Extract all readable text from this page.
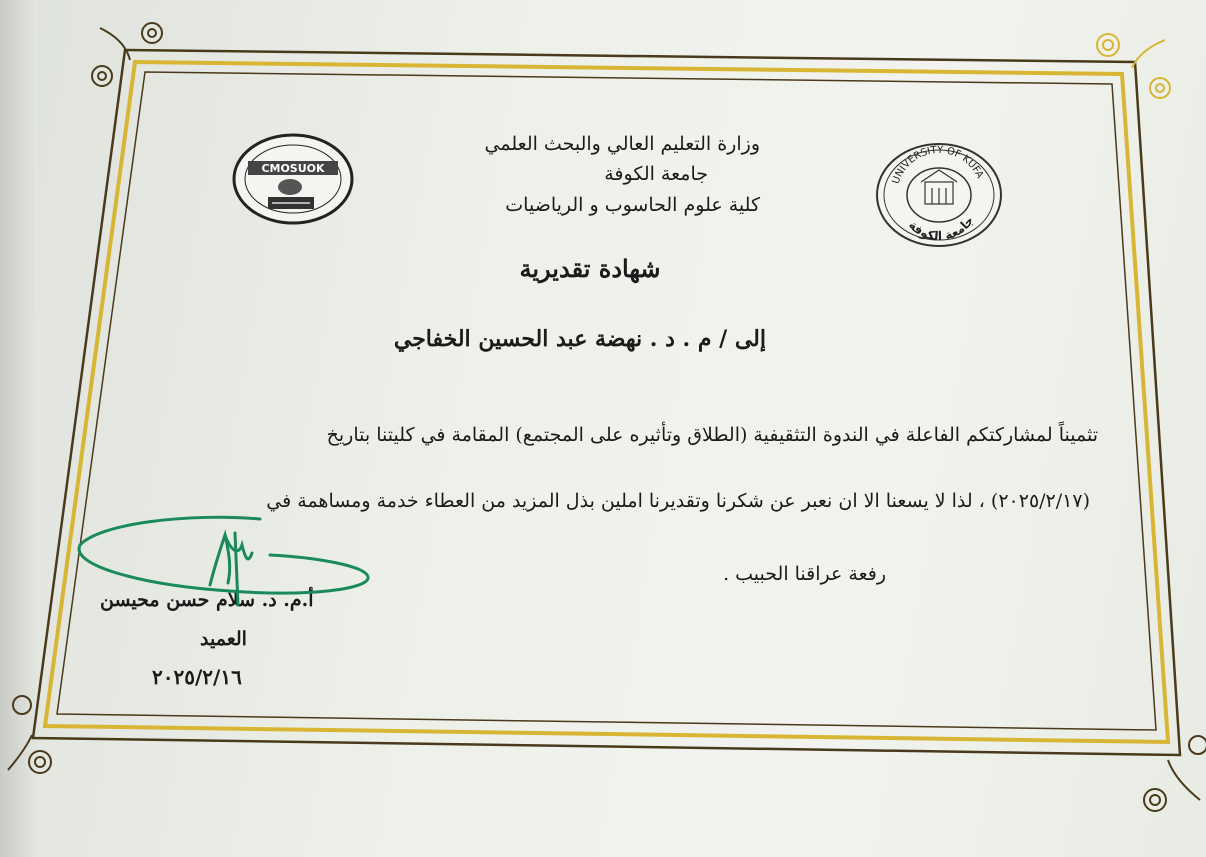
وزارة التعليم العالي والبحث العلمي
جامعة الكوفة
كلية علوم الحاسوب و الرياضيات
UNIVERSITY OF KUFA
جامعة الكوفة
CMOSUOK
شهادة تقديرية
إلى / م . د . نهضة عبد الحسين الخفاجي
تثميناً لمشاركتكم الفاعلة في الندوة التثقيفية (الطلاق وتأثيره على المجتمع) المقامة في كليتنا بتاريخ
(٢٠٢٥/٢/١٧) ، لذا لا يسعنا الا ان نعبر عن شكرنا وتقديرنا املين بذل المزيد من العطاء خدمة ومساهمة في
رفعة عراقنا الحبيب .
أ.م. د. سلام حسن محيسن
العميد
٢٠٢٥/٢/١٦
